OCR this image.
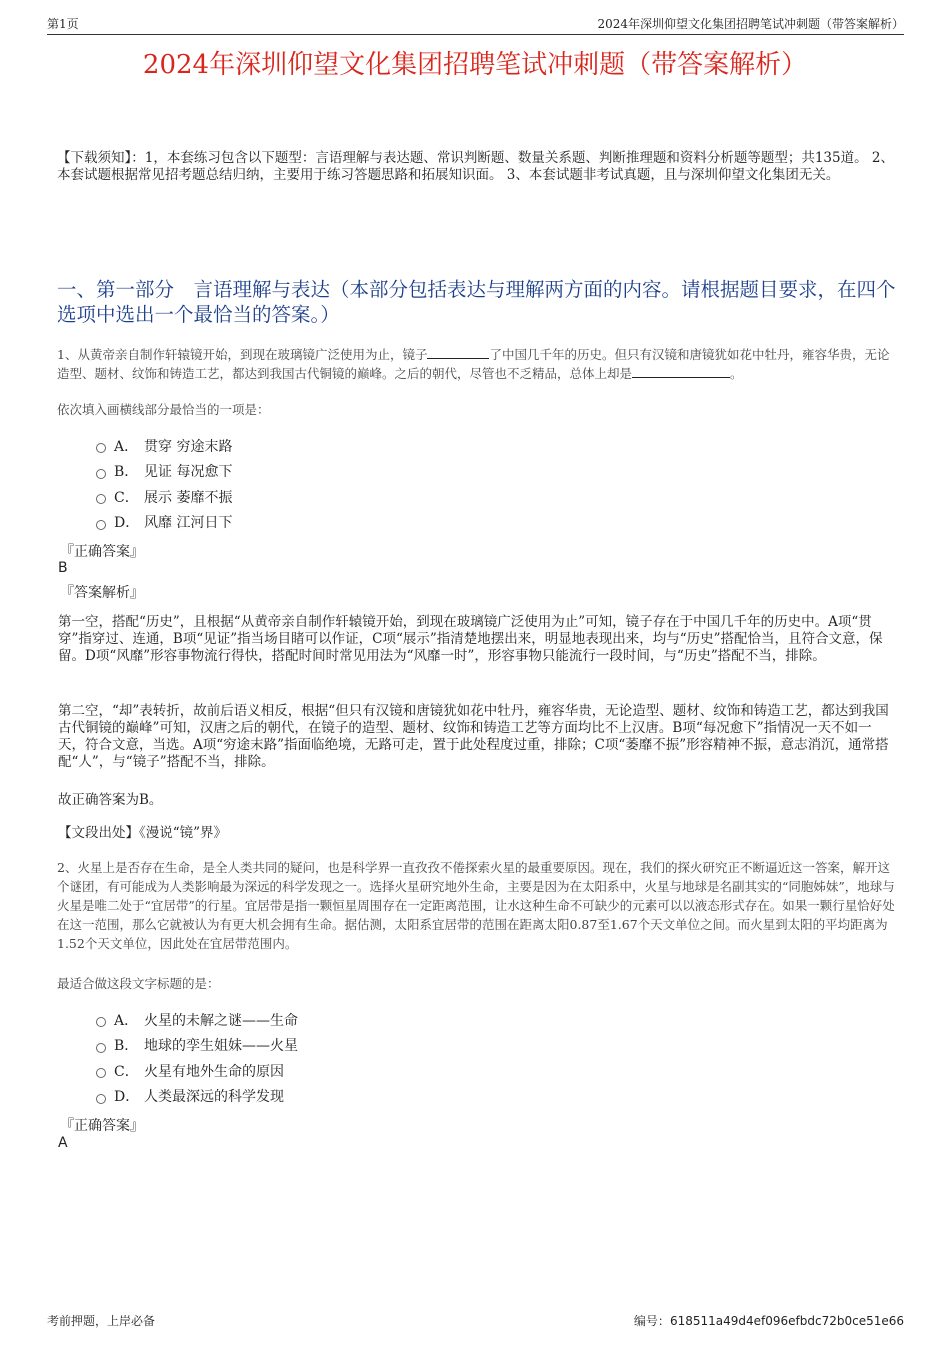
第1页	2024年深圳仰望文化集团招聘笔试冲刺题（带答案解析）
2024年深圳仰望文化集团招聘笔试冲刺题（带答案解析）
【下载须知】：1，本套练习包含以下题型：言语理解与表达题、常识判断题、数量关系题、判断推理题和资料分析题等题型；共135道。 2、本套试题根据常见招考题总结归纳，主要用于练习答题思路和拓展知识面。 3、本套试题非考试真题，且与深圳仰望文化集团无关。
一、第一部分　言语理解与表达（本部分包括表达与理解两方面的内容。请根据题目要求，在四个选项中选出一个最恰当的答案。）
1、从黄帝亲自制作轩辕镜开始，到现在玻璃镜广泛使用为止，镜子	了中国几千年的历史。但只有汉镜和唐镜犹如花中牡丹，雍容华贵，无论造型、题材、纹饰和铸造工艺，都达到我国古代铜镜的巅峰。之后的朝代，尽管也不乏精品，总体上却是	。
依次填入画横线部分最恰当的一项是：
A． 贯穿 穷途末路
B． 见证 每况愈下
C． 展示 萎靡不振
D． 风靡 江河日下
『正确答案』
B
『答案解析』
第一空，搭配“历史”，且根据“从黄帝亲自制作轩辕镜开始，到现在玻璃镜广泛使用为止”可知，镜子存在于中国几千年的历史中。A项“贯穿”指穿过、连通，B项“见证”指当场目睹可以作证，C项“展示”指清楚地摆出来，明显地表现出来，均与“历史”搭配恰当，且符合文意，保留。D项“风靡”形容事物流行得快，搭配时间时常见用法为“风靡一时”，形容事物只能流行一段时间，与“历史”搭配不当，排除。
第二空，“却”表转折，故前后语义相反，根据“但只有汉镜和唐镜犹如花中牡丹，雍容华贵，无论造型、题材、纹饰和铸造工艺，都达到我国古代铜镜的巅峰”可知，汉唐之后的朝代，在镜子的造型、题材、纹饰和铸造工艺等方面均比不上汉唐。B项“每况愈下”指情况一天不如一天，符合文意，当选。A项“穷途末路”指面临绝境，无路可走，置于此处程度过重，排除；C项“萎靡不振”形容精神不振，意志消沉，通常搭配“人”，与“镜子”搭配不当，排除。
故正确答案为B。
【文段出处】《漫说“镜”界》
2、火星上是否存在生命，是全人类共同的疑问，也是科学界一直孜孜不倦探索火星的最重要原因。现在，我们的探火研究正不断逼近这一答案，解开这个谜团，有可能成为人类影响最为深远的科学发现之一。选择火星研究地外生命，主要是因为在太阳系中，火星与地球是名副其实的“同胞姊妹”，地球与火星是唯二处于“宜居带”的行星。宜居带是指一颗恒星周围存在一定距离范围，让水这种生命不可缺少的元素可以以液态形式存在。如果一颗行星恰好处在这一范围，那么它就被认为有更大机会拥有生命。据估测，太阳系宜居带的范围在距离太阳0.87至1.67个天文单位之间。而火星到太阳的平均距离为1.52个天文单位，因此处在宜居带范围内。
最适合做这段文字标题的是：
A． 火星的未解之谜——生命
B． 地球的孪生姐妹——火星
C． 火星有地外生命的原因
D． 人类最深远的科学发现
『正确答案』
A
考前押题，上岸必备	编号：618511a49d4ef096efbdc72b0ce51e66
